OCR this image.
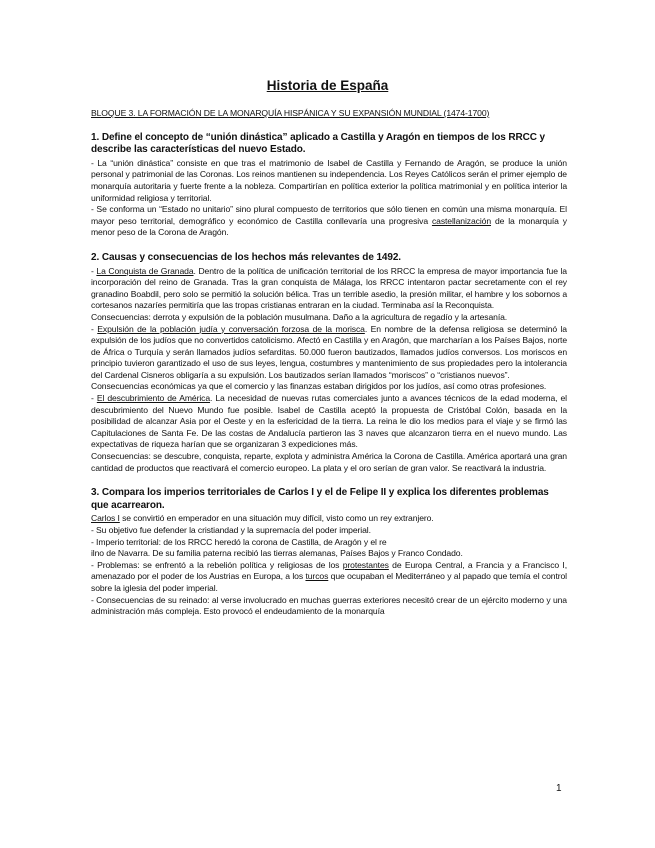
Historia de España

BLOQUE 3. LA FORMACIÓN DE LA MONARQUÍA HISPÁNICA Y SU EXPANSIÓN MUNDIAL (1474-1700)

1. Define el concepto de “unión dinástica” aplicado a Castilla y Aragón en tiempos de los RRCC y describe las características del nuevo Estado.

- La “unión dinástica” consiste en que tras el matrimonio de Isabel de Castilla y Fernando de Aragón, se produce la unión personal y patrimonial de las Coronas. Los reinos mantienen su independencia. Los Reyes Católicos serán el primer ejemplo de monarquía autoritaria y fuerte frente a la nobleza. Compartirían en política exterior la política matrimonial y en política interior la uniformidad religiosa y territorial.

- Se conforma un “Estado no unitario” sino plural compuesto de territorios que sólo tienen en común una misma monarquía. El mayor peso territorial, demográfico y económico de Castilla conllevaría una progresiva castellanización de la monarquía y menor peso de la Corona de Aragón.

2. Causas y consecuencias de los hechos más relevantes de 1492.

- La Conquista de Granada. Dentro de la política de unificación territorial de los RRCC la empresa de mayor importancia fue la incorporación del reino de Granada. Tras la gran conquista de Málaga, los RRCC intentaron pactar secretamente con el rey granadino Boabdil, pero solo se permitió la solución bélica. Tras un terrible asedio, la presión militar, el hambre y los sobornos a cortesanos nazaríes permitiría que las tropas cristianas entraran en la ciudad. Terminaba así la Reconquista.

Consecuencias: derrota y expulsión de la población musulmana. Daño a la agricultura de regadío y la artesanía.

- Expulsión de la población judía y conversación forzosa de la morisca. En nombre de la defensa religiosa se determinó la expulsión de los judíos que no convertidos catolicismo. Afectó en Castilla y en Aragón, que marcharían a los Países Bajos, norte de África o Turquía y serán llamados judíos sefarditas. 50.000 fueron bautizados, llamados judíos conversos. Los moriscos en principio tuvieron garantizado el uso de sus leyes, lengua, costumbres y mantenimiento de sus propiedades pero la intolerancia del Cardenal Cisneros obligaría a su expulsión. Los bautizados serían llamados “moriscos” o “cristianos nuevos”.

Consecuencias económicas ya que el comercio y las finanzas estaban dirigidos por los judíos, así como otras profesiones.

- El descubrimiento de América. La necesidad de nuevas rutas comerciales junto a avances técnicos de la edad moderna, el descubrimiento del Nuevo Mundo fue posible. Isabel de Castilla aceptó la propuesta de Cristóbal Colón, basada en la posibilidad de alcanzar Asia por el Oeste y en la esfericidad de la tierra. La reina le dio los medios para el viaje y se firmó las Capitulaciones de Santa Fe. De las costas de Andalucía partieron las 3 naves que alcanzaron tierra en el nuevo mundo. Las expectativas de riqueza harían que se organizaran 3 expediciones más.

Consecuencias: se descubre, conquista, reparte, explota y administra América la Corona de Castilla. América aportará una gran cantidad de productos que reactivará el comercio europeo. La plata y el oro serían de gran valor. Se reactivará la industria.

3. Compara los imperios territoriales de Carlos I y el de Felipe II y explica los diferentes problemas que acarrearon.

Carlos I se convirtió en emperador en una situación muy difícil, visto como un rey extranjero.

- Su objetivo fue defender la cristiandad y la supremacía del poder imperial.

- Imperio territorial: de los RRCC heredó la corona de Castilla, de Aragón y el re

ilno de Navarra. De su familia paterna recibió las tierras alemanas, Países Bajos y Franco Condado.

- Problemas: se enfrentó a la rebelión política y religiosas de los protestantes de Europa Central, a Francia y a Francisco I, amenazado por el poder de los Austrias en Europa, a los turcos que ocupaban el Mediterráneo y al papado que temía el control sobre la iglesia del poder imperial.

- Consecuencias de su reinado: al verse involucrado en muchas guerras exteriores necesitó crear de un ejército moderno y una administración más compleja. Esto provocó el endeudamiento de la monarquía

1
